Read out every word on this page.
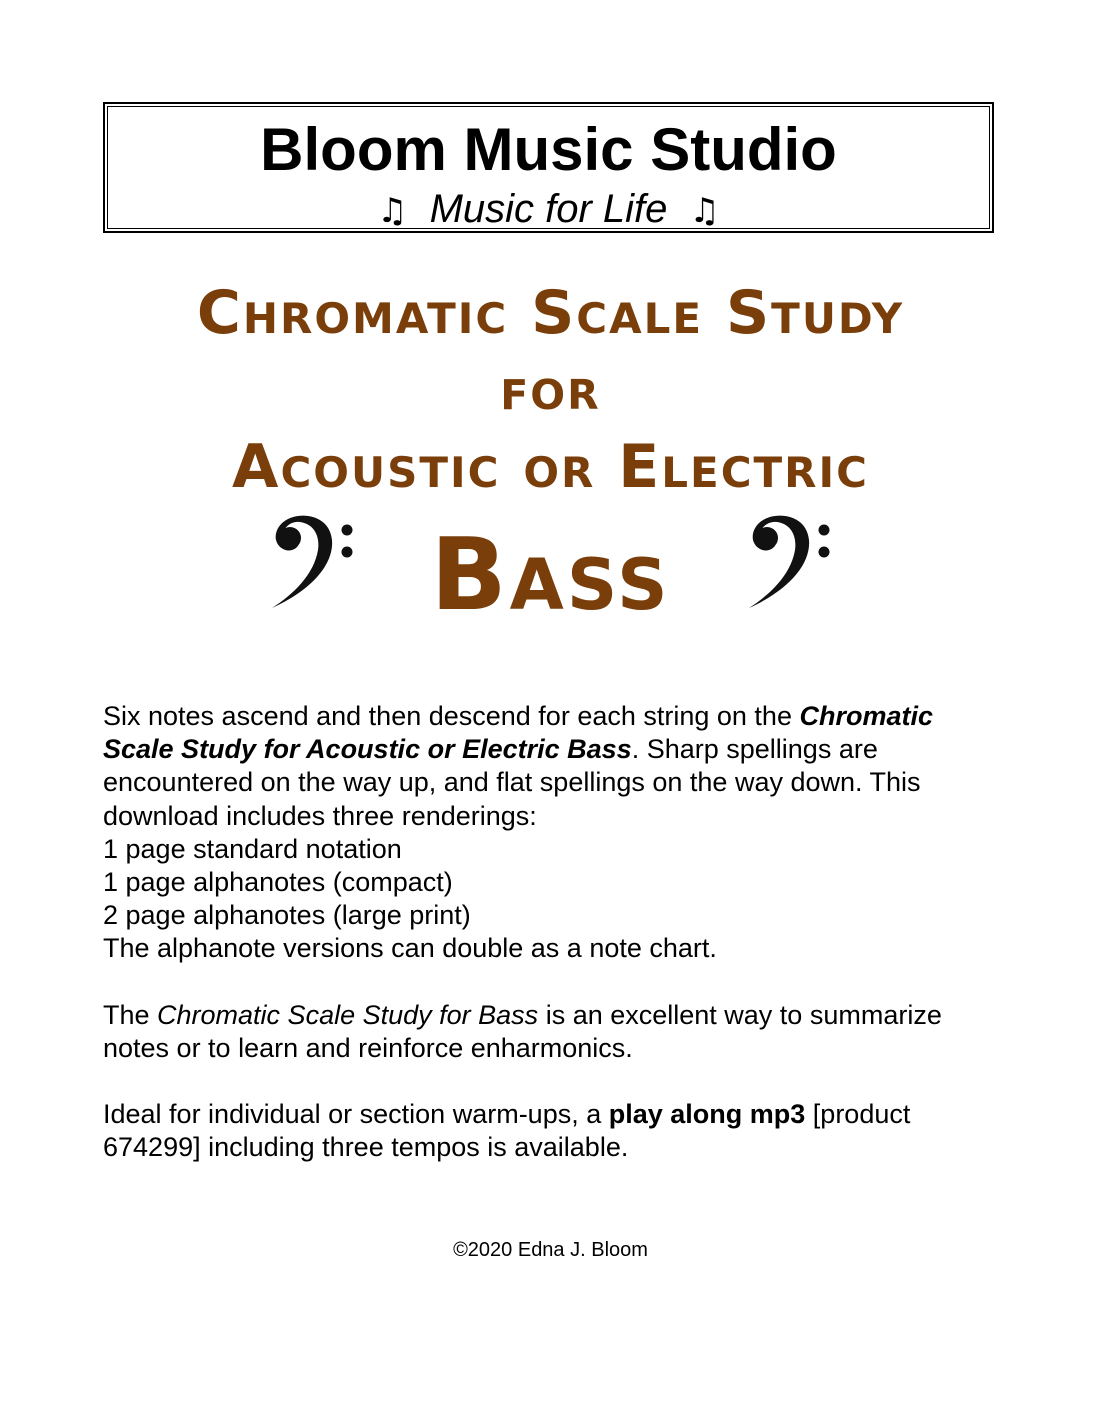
Bloom Music Studio
♫ Music for Life ♫
Chromatic Scale Study
for
Acoustic or Electric
Bass

Six notes ascend and then descend for each string on the Chromatic Scale Study for Acoustic or Electric Bass. Sharp spellings are encountered on the way up, and flat spellings on the way down. This download includes three renderings:
1 page standard notation
1 page alphanotes (compact)
2 page alphanotes (large print)
The alphanote versions can double as a note chart.

The Chromatic Scale Study for Bass is an excellent way to summarize notes or to learn and reinforce enharmonics.

Ideal for individual or section warm-ups, a play along mp3 [product 674299] including three tempos is available.

©2020 Edna J. Bloom
